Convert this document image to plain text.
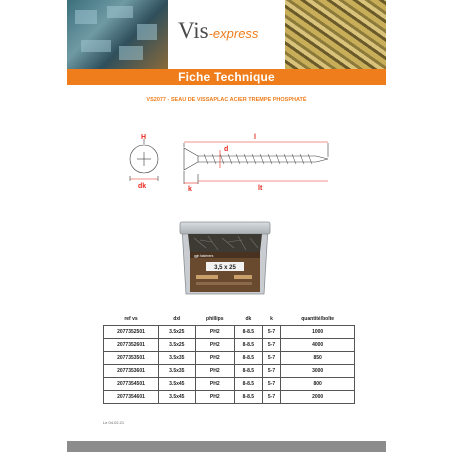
Vis-express
Fiche Technique
VS2077 - SEAU DE VISSAPLAC ACIER TREMPE PHOSPHATÉ
H
dk	k
l
d
lt
ggh fasteners
3,5 x 25
ref vs	dxl	phillips	dk	k	quantité/boîte
2077352501	3.5x25	PH2	8-8.5	5-7	1000
2077352601	3.5x25	PH2	8-8.5	5-7	4000
2077353501	3.5x35	PH2	8-8.5	5-7	850
2077353601	3.5x35	PH2	8-8.5	5-7	3000
2077354501	3.5x45	PH2	8-8.5	5-7	800
2077354601	3.5x45	PH2	8-8.5	5-7	2000
Le 04.02.21
